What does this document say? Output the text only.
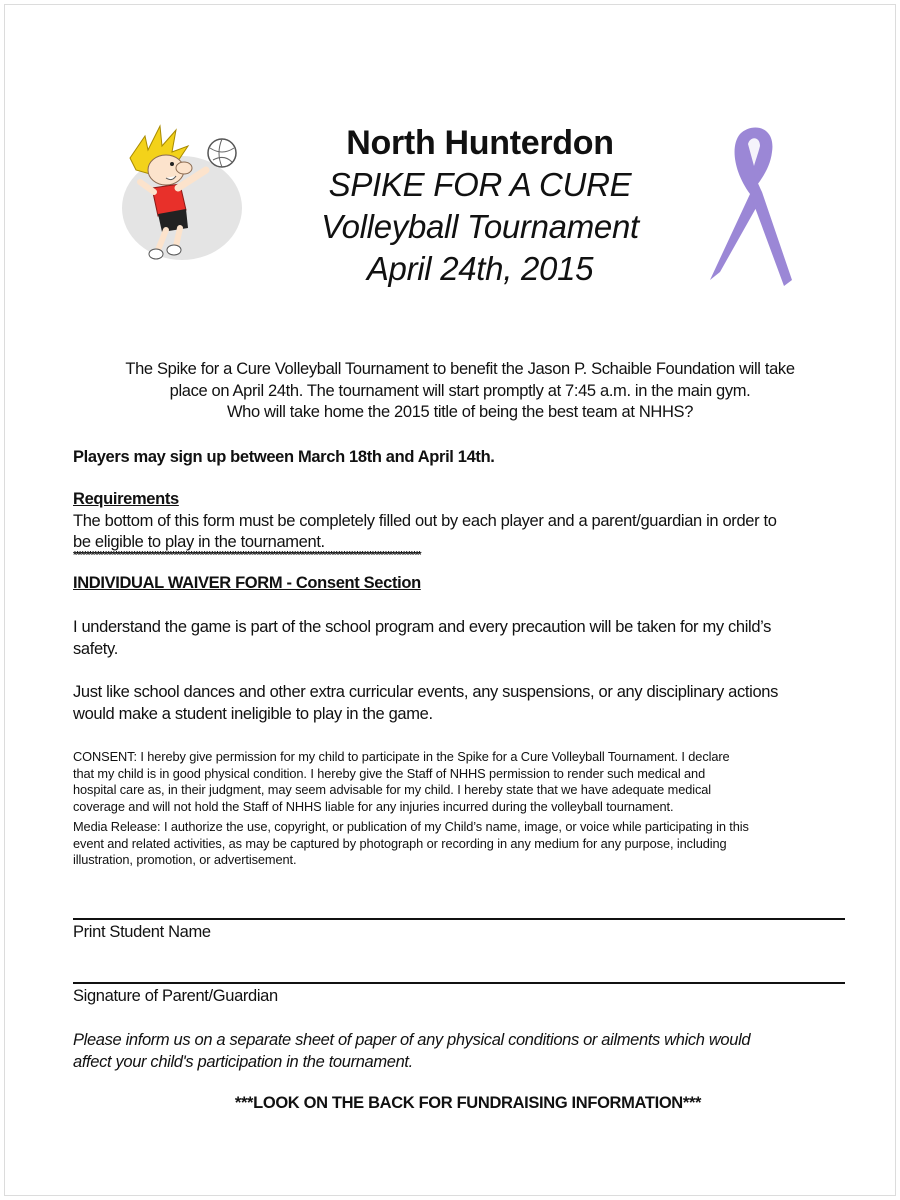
North Hunterdon
SPIKE FOR A CURE
Volleyball Tournament
April 24th, 2015
The Spike for a Cure Volleyball Tournament to benefit the Jason P. Schaible Foundation will take
place on April 24th. The tournament will start promptly at 7:45 a.m. in the main gym.
Who will take home the 2015 title of being the best team at NHHS?
Players may sign up between March 18th and April 14th.
Requirements
The bottom of this form must be completely filled out by each player and a parent/guardian in order to
be eligible to play in the tournament.
**************************************************************************************************************************************
INDIVIDUAL WAIVER FORM - Consent Section
I understand the game is part of the school program and every precaution will be taken for my child’s
safety.
Just like school dances and other extra curricular events, any suspensions, or any disciplinary actions
would make a student ineligible to play in the game.
CONSENT: I hereby give permission for my child to participate in the Spike for a Cure Volleyball Tournament. I declare
that my child is in good physical condition. I hereby give the Staff of NHHS permission to render such medical and
hospital care as, in their judgment, may seem advisable for my child. I hereby state that we have adequate medical
coverage and will not hold the Staff of NHHS liable for any injuries incurred during the volleyball tournament.
Media Release: I authorize the use, copyright, or publication of my Child’s name, image, or voice while participating in this
event and related activities, as may be captured by photograph or recording in any medium for any purpose, including
illustration, promotion, or advertisement.
Print Student Name
Signature of Parent/Guardian
Please inform us on a separate sheet of paper of any physical conditions or ailments which would
affect your child's participation in the tournament.
***LOOK ON THE BACK FOR FUNDRAISING INFORMATION***
